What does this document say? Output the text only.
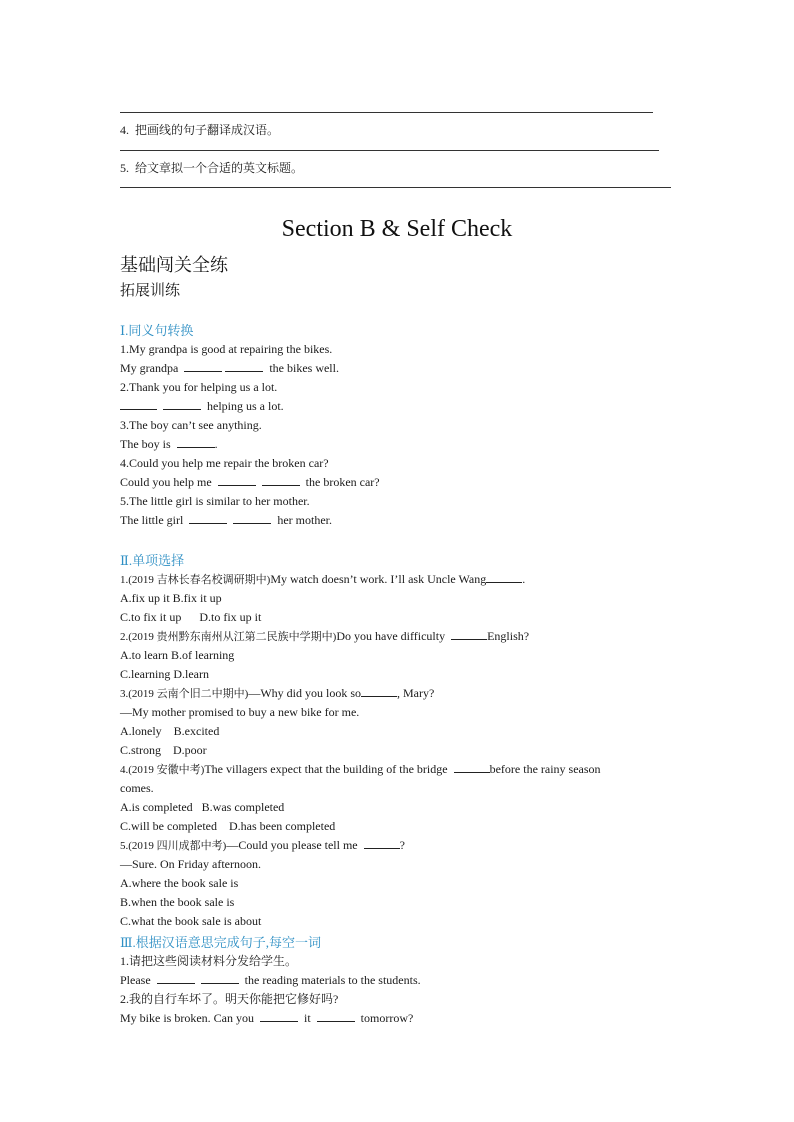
4. 把画线的句子翻译成汉语。
5. 给文章拟一个合适的英文标题。
Section B & Self Check
基础闯关全练
拓展训练
Ⅰ.同义句转换
1.My grandpa is good at repairing the bikes.
My grandpa	the bikes well.
2.Thank you for helping us a lot.
helping us a lot.
3.The boy can’t see anything.
The boy is	.
4.Could you help me repair the broken car?
Could you help me	the broken car?
5.The little girl is similar to her mother.
The little girl	her mother.
Ⅱ.单项选择
1.(2019 吉林长春名校调研期中)My watch doesn’t work. I’ll ask Uncle Wang	.
A.fix up it B.fix it up
C.to fix it up D.to fix up it
2.(2019 贵州黔东南州从江第二民族中学期中)Do you have difficulty	English?
A.to learn B.of learning
C.learning D.learn
3.(2019 云南个旧二中期中)—Why did you look so	, Mary?
—My mother promised to buy a new bike for me.
A.lonely B.excited
C.strong D.poor
4.(2019 安徽中考)The villagers expect that the building of the bridge	before the rainy season
comes.
A.is completed B.was completed
C.will be completed D.has been completed
5.(2019 四川成都中考)—Could you please tell me	?
—Sure. On Friday afternoon.
A.where the book sale is
B.when the book sale is
C.what the book sale is about
Ⅲ.根据汉语意思完成句子,每空一词
1.请把这些阅读材料分发给学生。
Please	the reading materials to the students.
2.我的自行车坏了。明天你能把它修好吗?
My bike is broken. Can you	it	tomorrow?
